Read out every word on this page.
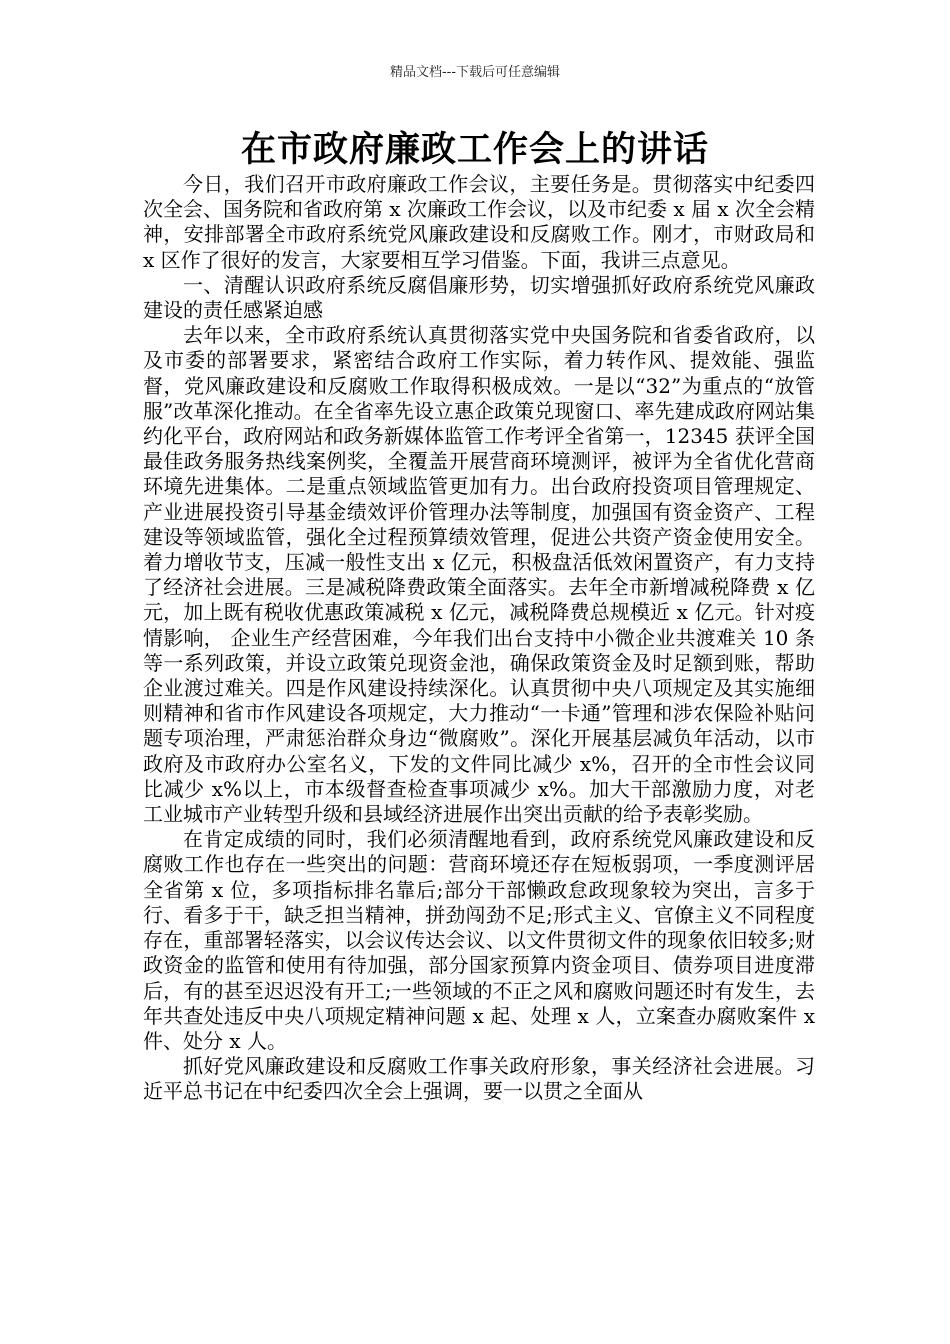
精品文档---下载后可任意编辑
在市政府廉政工作会上的讲话

今日，我们召开市政府廉政工作会议，主要任务是。贯彻落实中纪委四次全会、国务院和省政府第 x 次廉政工作会议，以及市纪委 x 届 x 次全会精神，安排部署全市政府系统党风廉政建设和反腐败工作。刚才，市财政局和 x 区作了很好的发言，大家要相互学习借鉴。下面，我讲三点意见。

一、清醒认识政府系统反腐倡廉形势，切实增强抓好政府系统党风廉政建设的责任感紧迫感

去年以来，全市政府系统认真贯彻落实党中央国务院和省委省政府，以及市委的部署要求，紧密结合政府工作实际，着力转作风、提效能、强监督，党风廉政建设和反腐败工作取得积极成效。一是以“32”为重点的“放管服”改革深化推动。在全省率先设立惠企政策兑现窗口、率先建成政府网站集约化平台，政府网站和政务新媒体监管工作考评全省第一，12345 获评全国最佳政务服务热线案例奖，全覆盖开展营商环境测评，被评为全省优化营商环境先进集体。二是重点领域监管更加有力。出台政府投资项目管理规定、产业进展投资引导基金绩效评价管理办法等制度，加强国有资金资产、工程建设等领域监管，强化全过程预算绩效管理，促进公共资产资金使用安全。着力增收节支，压减一般性支出 x 亿元，积极盘活低效闲置资产，有力支持了经济社会进展。三是减税降费政策全面落实。去年全市新增减税降费 x 亿元，加上既有税收优惠政策减税 x 亿元，减税降费总规模近 x 亿元。针对疫情影响， 企业生产经营困难，今年我们出台支持中小微企业共渡难关 10 条等一系列政策，并设立政策兑现资金池，确保政策资金及时足额到账，帮助企业渡过难关。四是作风建设持续深化。认真贯彻中央八项规定及其实施细则精神和省市作风建设各项规定，大力推动“一卡通”管理和涉农保险补贴问题专项治理，严肃惩治群众身边“微腐败”。深化开展基层减负年活动，以市政府及市政府办公室名义，下发的文件同比减少 x%，召开的全市性会议同比减少 x%以上，市本级督查检查事项减少 x%。加大干部激励力度，对老工业城市产业转型升级和县域经济进展作出突出贡献的给予表彰奖励。

在肯定成绩的同时，我们必须清醒地看到，政府系统党风廉政建设和反腐败工作也存在一些突出的问题：营商环境还存在短板弱项，一季度测评居全省第 x 位，多项指标排名靠后;部分干部懒政怠政现象较为突出，言多于行、看多于干，缺乏担当精神，拼劲闯劲不足;形式主义、官僚主义不同程度存在，重部署轻落实，以会议传达会议、以文件贯彻文件的现象依旧较多;财政资金的监管和使用有待加强，部分国家预算内资金项目、债券项目进度滞后，有的甚至迟迟没有开工;一些领域的不正之风和腐败问题还时有发生，去年共查处违反中央八项规定精神问题 x 起、处理 x 人，立案查办腐败案件 x 件、处分 x 人。

抓好党风廉政建设和反腐败工作事关政府形象，事关经济社会进展。习近平总书记在中纪委四次全会上强调，要一以贯之全面从
